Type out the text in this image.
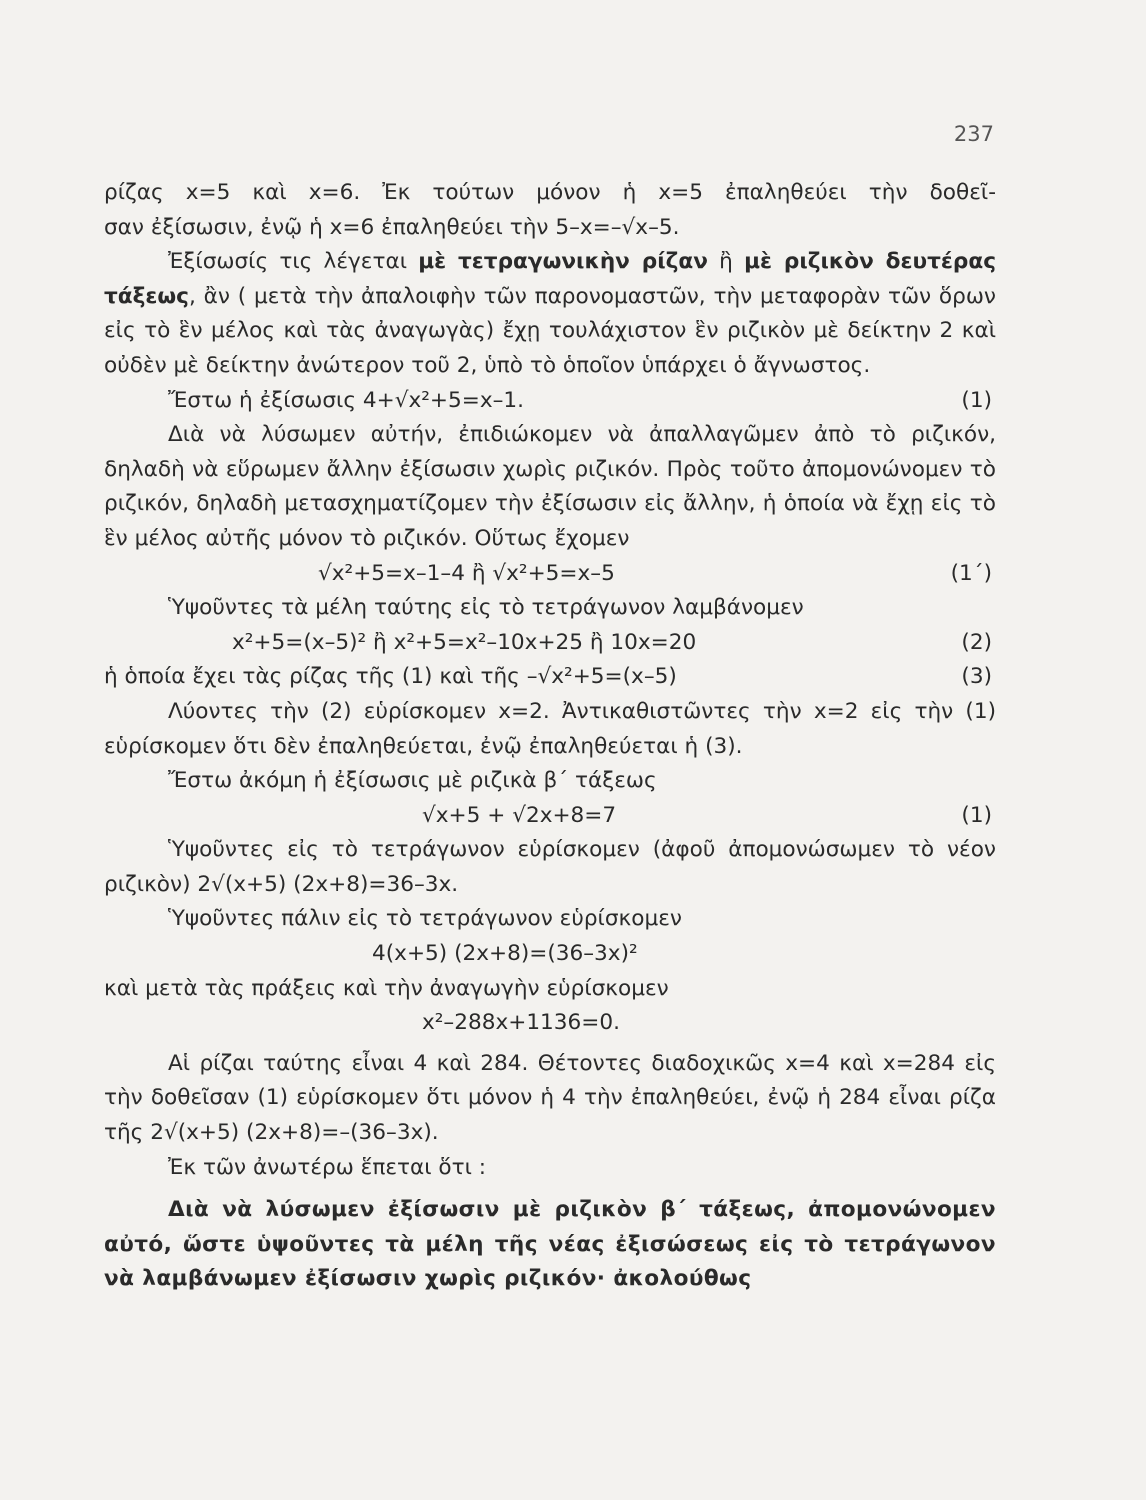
237

ρίζας x=5 καὶ x=6. Ἐκ τούτων μόνον ἡ x=5 ἐπαληθεύει τὴν δοθεῖ-

σαν ἐξίσωσιν, ἐνῷ ἡ x=6 ἐπαληθεύει τὴν 5–x=–√x–5.

Ἐξίσωσίς τις λέγεται μὲ τετραγωνικὴν ρίζαν ἢ μὲ ριζικὸν δευτέρας τάξεως, ἂν ( μετὰ τὴν ἀπαλοιφὴν τῶν παρονομαστῶν, τὴν μεταφορὰν τῶν ὅρων εἰς τὸ ἓν μέλος καὶ τὰς ἀναγωγὰς) ἔχῃ τουλάχιστον ἓν ριζικὸν μὲ δείκτην 2 καὶ οὐδὲν μὲ δείκτην ἀνώτερον τοῦ 2, ὑπὸ τὸ ὁποῖον ὑπάρχει ὁ ἄγνωστος.

Ἔστω ἡ ἐξίσωσις 4+√x²+5=x–1.	(1)

Διὰ νὰ λύσωμεν αὐτήν, ἐπιδιώκομεν νὰ ἀπαλλαγῶμεν ἀπὸ τὸ ριζικόν, δηλαδὴ νὰ εὕρωμεν ἄλλην ἐξίσωσιν χωρὶς ριζικόν. Πρὸς τοῦτο ἀπομονώνομεν τὸ ριζικόν, δηλαδὴ μετασχηματίζομεν τὴν ἐξίσωσιν εἰς ἄλλην, ἡ ὁποία νὰ ἔχῃ εἰς τὸ ἓν μέλος αὐτῆς μόνον τὸ ριζικόν. Οὕτως ἔχομεν

√x²+5=x–1–4 ἢ √x²+5=x–5	(1΄)

Ὑψοῦντες τὰ μέλη ταύτης εἰς τὸ τετράγωνον λαμβάνομεν

x²+5=(x–5)² ἢ x²+5=x²–10x+25 ἢ 10x=20	(2)
ἡ ὁποία ἔχει τὰς ρίζας τῆς (1) καὶ τῆς –√x²+5=(x–5)	(3)

Λύοντες τὴν (2) εὑρίσκομεν x=2. Ἀντικαθιστῶντες τὴν x=2 εἰς τὴν (1) εὑρίσκομεν ὅτι δὲν ἐπαληθεύεται, ἐνῷ ἐπαληθεύεται ἡ (3).

Ἔστω ἀκόμη ἡ ἐξίσωσις μὲ ριζικὰ β΄ τάξεως

√x+5 + √2x+8=7	(1)

Ὑψοῦντες εἰς τὸ τετράγωνον εὑρίσκομεν (ἀφοῦ ἀπομονώσωμεν τὸ νέον ριζικὸν) 2√(x+5) (2x+8)=36–3x.

Ὑψοῦντες πάλιν εἰς τὸ τετράγωνον εὑρίσκομεν

4(x+5) (2x+8)=(36–3x)²

καὶ μετὰ τὰς πράξεις καὶ τὴν ἀναγωγὴν εὑρίσκομεν

x²–288x+1136=0.

Αἱ ρίζαι ταύτης εἶναι 4 καὶ 284. Θέτοντες διαδοχικῶς x=4 καὶ x=284 εἰς τὴν δοθεῖσαν (1) εὑρίσκομεν ὅτι μόνον ἡ 4 τὴν ἐπαληθεύει, ἐνῷ ἡ 284 εἶναι ρίζα τῆς 2√(x+5) (2x+8)=–(36–3x).

Ἐκ τῶν ἀνωτέρω ἕπεται ὅτι :

Διὰ νὰ λύσωμεν ἐξίσωσιν μὲ ριζικὸν β΄ τάξεως, ἀπομονώνομεν αὐτό, ὥστε ὑψοῦντες τὰ μέλη τῆς νέας ἐξισώσεως εἰς τὸ τετράγωνον νὰ λαμβάνωμεν ἐξίσωσιν χωρὶς ριζικόν· ἀκολούθως
